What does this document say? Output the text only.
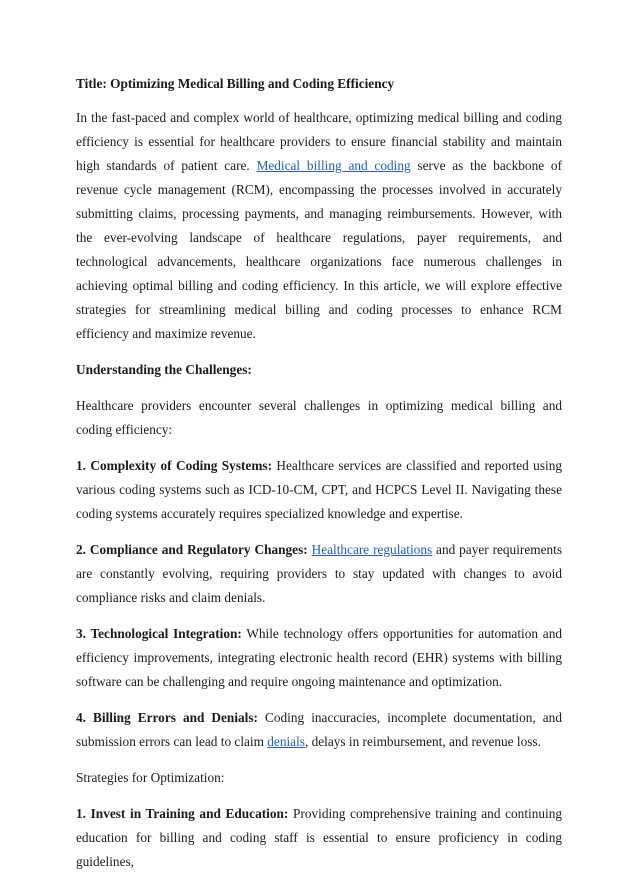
Title: Optimizing Medical Billing and Coding Efficiency

In the fast-paced and complex world of healthcare, optimizing medical billing and coding efficiency is essential for healthcare providers to ensure financial stability and maintain high standards of patient care. Medical billing and coding serve as the backbone of revenue cycle management (RCM), encompassing the processes involved in accurately submitting claims, processing payments, and managing reimbursements. However, with the ever-evolving landscape of healthcare regulations, payer requirements, and technological advancements, healthcare organizations face numerous challenges in achieving optimal billing and coding efficiency. In this article, we will explore effective strategies for streamlining medical billing and coding processes to enhance RCM efficiency and maximize revenue.

Understanding the Challenges:

Healthcare providers encounter several challenges in optimizing medical billing and coding efficiency:

1. Complexity of Coding Systems: Healthcare services are classified and reported using various coding systems such as ICD-10-CM, CPT, and HCPCS Level II. Navigating these coding systems accurately requires specialized knowledge and expertise.

2. Compliance and Regulatory Changes: Healthcare regulations and payer requirements are constantly evolving, requiring providers to stay updated with changes to avoid compliance risks and claim denials.

3. Technological Integration: While technology offers opportunities for automation and efficiency improvements, integrating electronic health record (EHR) systems with billing software can be challenging and require ongoing maintenance and optimization.

4. Billing Errors and Denials: Coding inaccuracies, incomplete documentation, and submission errors can lead to claim denials, delays in reimbursement, and revenue loss.

Strategies for Optimization:

1. Invest in Training and Education: Providing comprehensive training and continuing education for billing and coding staff is essential to ensure proficiency in coding guidelines,
